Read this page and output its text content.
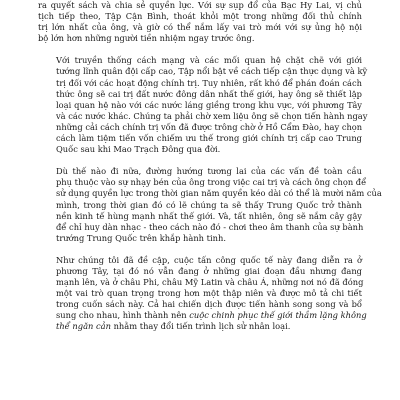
ra quyết sách và chia sẻ quyền lực. Với sự sụp đổ của Bạc Hy Lai, vị chủ
tịch tiếp theo, Tập Cận Bình, thoát khỏi một trong những đối thủ chính
trị lớn nhất của ông, và giờ có thể nắm lấy vai trò mới với sự ủng hộ nội
bộ lớn hơn những người tiền nhiệm ngay trước ông.

Với truyền thống cách mạng và các mối quan hệ chặt chẽ với giới
tướng lĩnh quân đội cấp cao, Tập nổi bật về cách tiếp cận thực dụng và kỹ
trị đối với các hoạt động chính trị. Tuy nhiên, rất khó để phán đoán cách
thức ông sẽ cai trị đất nước đông dân nhất thế giới, hay ông sẽ thiết lập
loại quan hệ nào với các nước láng giềng trong khu vực, với phương Tây
và các nước khác. Chúng ta phải chờ xem liệu ông sẽ chọn tiến hành ngay
những cải cách chính trị vốn đã được trông chờ ở Hồ Cẩm Đào, hay chọn
cách làm tiệm tiến vốn chiếm ưu thế trong giới chính trị cấp cao Trung
Quốc sau khi Mao Trạch Đông qua đời.

Dù thế nào đi nữa, đường hướng tương lai của các vấn đề toàn cầu
phụ thuộc vào sự nhạy bén của ông trong việc cai trị và cách ông chọn để
sử dụng quyền lực trong thời gian năm quyền kéo dài có thể là mười năm của
mình, trong thời gian đó có lẽ chúng ta sẽ thấy Trung Quốc trở thành
nền kinh tế hùng mạnh nhất thế giới. Và, tất nhiên, ông sẽ nắm cây gậy
để chỉ huy dàn nhạc - theo cách nào đó - chơi theo âm thanh của sự bành
trướng Trung Quốc trên khắp hành tinh.

Như chúng tôi đã đề cập, cuộc tấn công quốc tế này đang diễn ra ở
phương Tây, tại đó nó vẫn đang ở những giai đoạn đầu nhưng đang
mạnh lên, và ở châu Phi, châu Mỹ Latin và châu Á, những nơi nó đã đóng
một vai trò quan trọng trong hơn một thập niên và được mô tả chi tiết
trong cuốn sách này. Cả hai chiến dịch được tiến hành song song và bổ
sung cho nhau, hình thành nên cuộc chinh phục thế giới thầm lặng không
thể ngăn cản nhằm thay đổi tiến trình lịch sử nhân loại.
